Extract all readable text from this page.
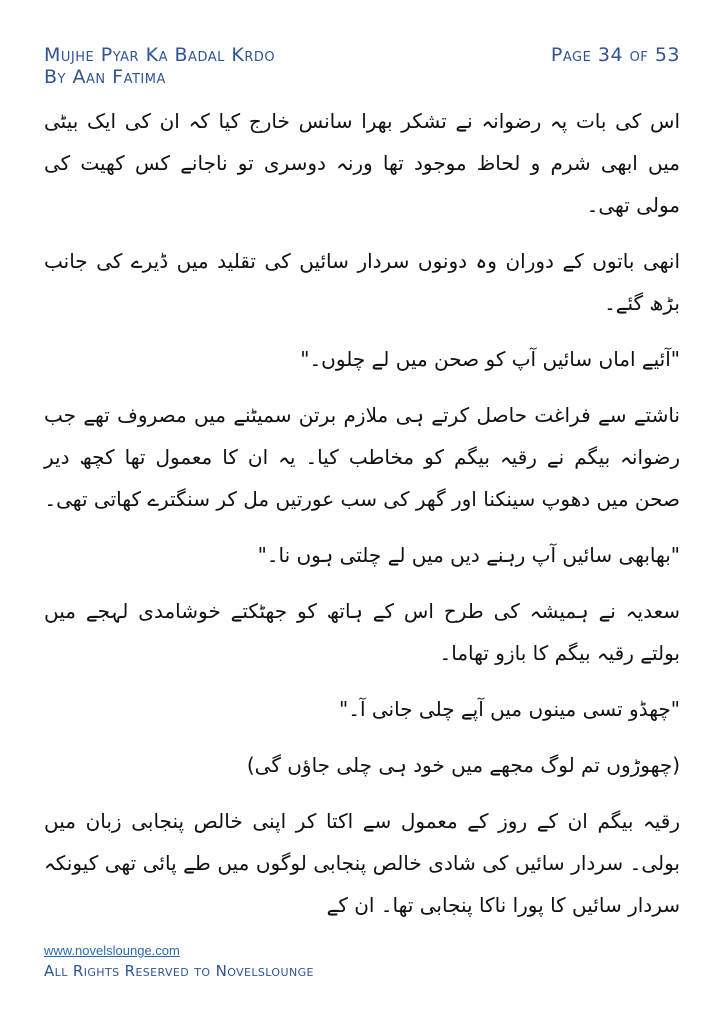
Mujhe Pyar Ka Badal Krdo
By Aan Fatima
Page 34 of 53

اس کی بات پہ رضوانہ نے تشکر بھرا سانس خارج کیا کہ ان کی ایک بیٹی میں ابھی شرم و لحاظ موجود تھا ورنہ دوسری تو ناجانے کس کھیت کی مولی تھی۔

انھی باتوں کے دوران وہ دونوں سردار سائیں کی تقلید میں ڈیرے کی جانب بڑھ گئے۔

"آئیے اماں سائیں آپ کو صحن میں لے چلوں۔"

ناشتے سے فراغت حاصل کرتے ہی ملازم برتن سمیٹنے میں مصروف تھے جب رضوانہ بیگم نے رقیہ بیگم کو مخاطب کیا۔ یہ ان کا معمول تھا کچھ دیر صحن میں دھوپ سینکنا اور گھر کی سب عورتیں مل کر سنگترے کھاتی تھی۔

"بھابھی سائیں آپ رہنے دیں میں لے چلتی ہوں نا۔"

سعدیہ نے ہمیشہ کی طرح اس کے ہاتھ کو جھٹکتے خوشامدی لہجے میں بولتے رقیہ بیگم کا بازو تھاما۔

"چھڈو تسی مینوں میں آپے چلی جانی آ۔"

(چھوڑوں تم لوگ مجھے میں خود ہی چلی جاؤں گی)

رقیہ بیگم ان کے روز کے معمول سے اکتا کر اپنی خالص پنجابی زبان میں بولی۔ سردار سائیں کی شادی خالص پنجابی لوگوں میں طے پائی تھی کیونکہ سردار سائیں کا پورا ناکا پنجابی تھا۔ ان کے

www.novelslounge.com
All Rights Reserved to Novelslounge
